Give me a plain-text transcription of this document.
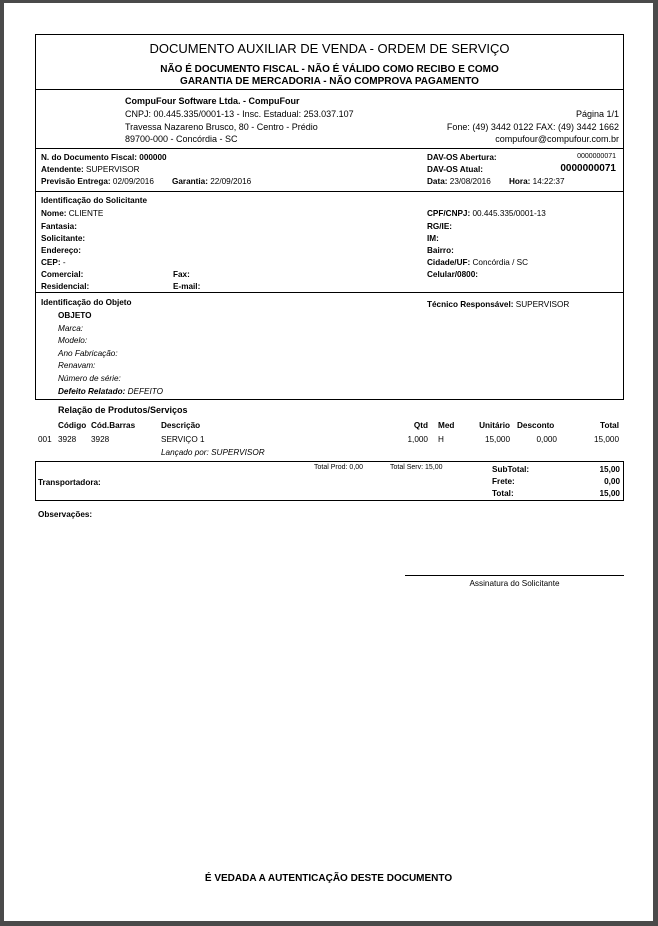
DOCUMENTO AUXILIAR DE VENDA - ORDEM DE SERVIÇO
NÃO É DOCUMENTO FISCAL - NÃO É VÁLIDO COMO RECIBO E COMO
GARANTIA DE MERCADORIA - NÃO COMPROVA PAGAMENTO
CompuFour Software Ltda. - CompuFour
CNPJ: 00.445.335/0001-13 - Insc. Estadual: 253.037.107
Travessa Nazareno Brusco, 80 - Centro - Prédio
89700-000 - Concórdia - SC
Página 1/1
Fone: (49) 3442 0122 FAX: (49) 3442 1662
compufour@compufour.com.br
N. do Documento Fiscal: 000000
Atendente: SUPERVISOR
Previsão Entrega: 02/09/2016 Garantia: 22/09/2016
DAV-OS Abertura:	0000000071
DAV-OS Atual:	0000000071
Data: 23/08/2016 Hora: 14:22:37
Identificação do Solicitante
Nome: CLIENTE
Fantasia:
Solicitante:
Endereço:
CEP: -
Comercial:	Fax:
Residencial:	E-mail:
CPF/CNPJ: 00.445.335/0001-13
RG/IE:
IM:
Bairro:
Cidade/UF: Concórdia / SC
Celular/0800:
Identificação do Objeto
OBJETO
Marca:
Modelo:
Ano Fabricação:
Renavam:
Número de série:
Defeito Relatado: DEFEITO
Técnico Responsável: SUPERVISOR
Relação de Produtos/Serviços
Código Cód.Barras	Descrição	Qtd Med	Unitário Desconto	Total
001 3928 3928	SERVIÇO 1	1,000 H	15,000	0,000	15,000
Lançado por: SUPERVISOR
Total Prod: 0,00	Total Serv: 15,00
Transportadora:
SubTotal:	15,00
Frete:	0,00
Total:	15,00
Observações:
Assinatura do Solicitante
É VEDADA A AUTENTICAÇÃO DESTE DOCUMENTO
